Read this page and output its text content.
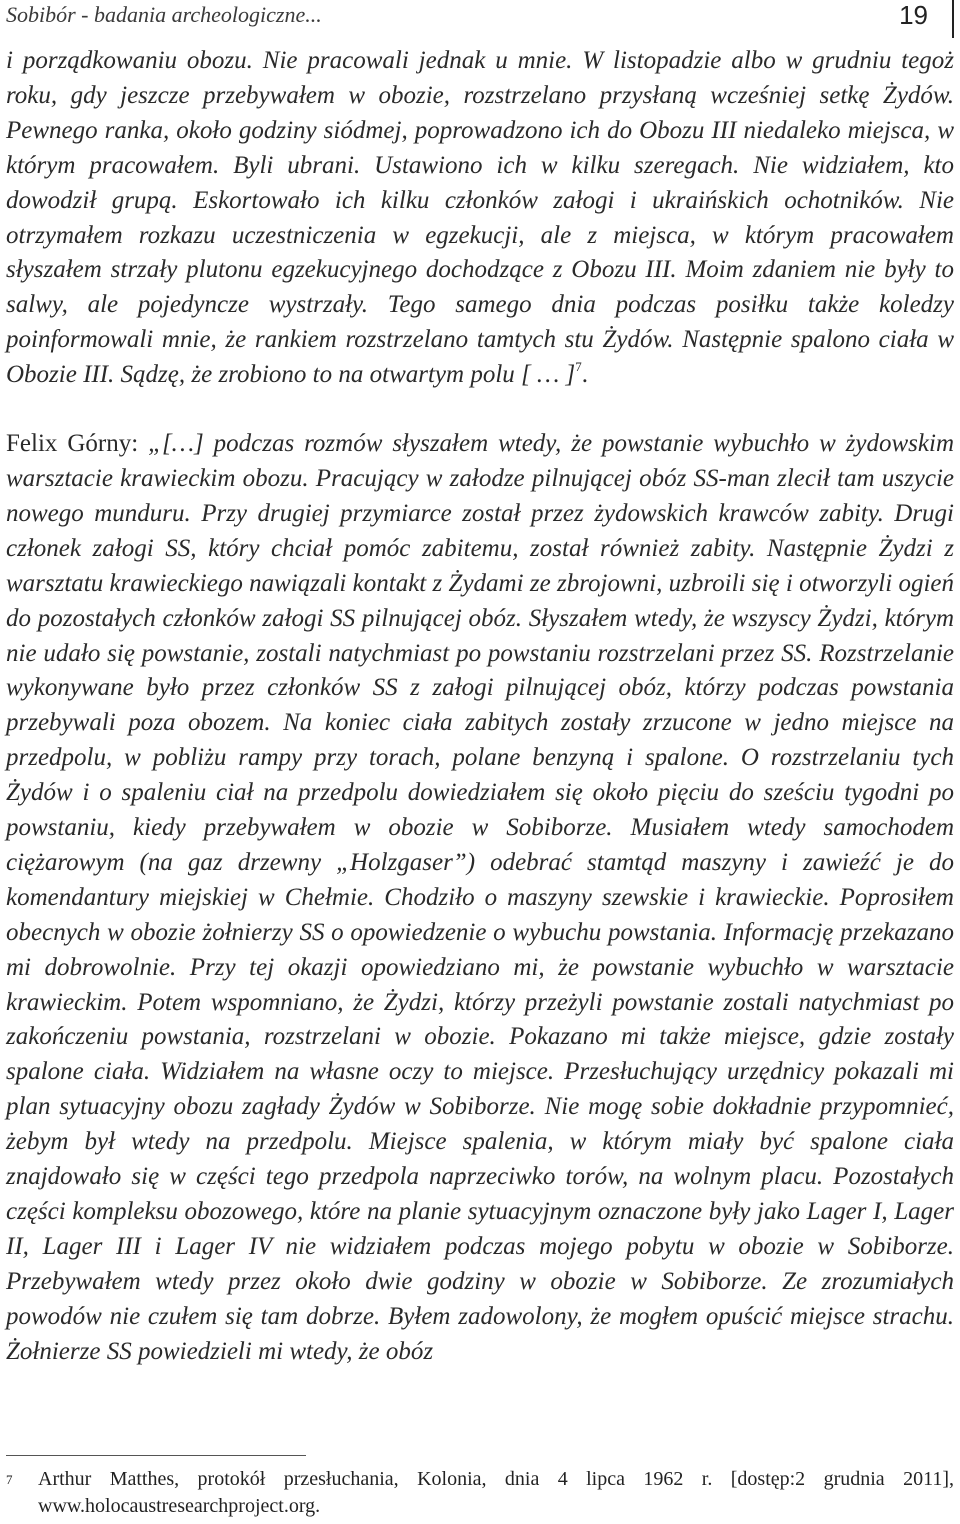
Sobibór - badania archeologiczne...	19

i porządkowaniu obozu. Nie pracowali jednak u mnie. W listopadzie albo w grudniu tegoż roku, gdy jeszcze przebywałem w obozie, rozstrzelano przysłaną wcześniej setkę Żydów. Pewnego ranka, około godziny siódmej, poprowadzono ich do Obozu III niedaleko miejsca, w którym pracowałem. Byli ubrani. Ustawiono ich w kilku szeregach. Nie widziałem, kto dowodził grupą. Eskortowało ich kilku członków załogi i ukraińskich ochotników. Nie otrzymałem rozkazu uczestniczenia w egzekucji, ale z miejsca, w którym pracowałem słyszałem strzały plutonu egzekucyjnego dochodzące z Obozu III. Moim zdaniem nie były to salwy, ale pojedyncze wystrzały. Tego samego dnia podczas posiłku także koledzy poinformowali mnie, że rankiem rozstrzelano tamtych stu Żydów. Następnie spalono ciała w Obozie III. Sądzę, że zrobiono to na otwartym polu [ … ]$^7$.

Felix Górny: „[…] podczas rozmów słyszałem wtedy, że powstanie wybuchło w żydowskim warsztacie krawieckim obozu. Pracujący w załodze pilnującej obóz SS-man zlecił tam uszycie nowego munduru. Przy drugiej przymiarce został przez żydowskich krawców zabity. Drugi członek załogi SS, który chciał pomóc zabitemu, został również zabity. Następnie Żydzi z warsztatu krawieckiego nawiązali kontakt z Żydami ze zbrojowni, uzbroili się i otworzyli ogień do pozostałych członków załogi SS pilnującej obóz. Słyszałem wtedy, że wszyscy Żydzi, którym nie udało się powstanie, zostali natychmiast po powstaniu rozstrzelani przez SS. Rozstrzelanie wykonywane było przez członków SS z załogi pilnującej obóz, którzy podczas powstania przebywali poza obozem. Na koniec ciała zabitych zostały zrzucone w jedno miejsce na przedpolu, w pobliżu rampy przy torach, polane benzyną i spalone. O rozstrzelaniu tych Żydów i o spaleniu ciał na przedpolu dowiedziałem się około pięciu do sześciu tygodni po powstaniu, kiedy przebywałem w obozie w Sobiborze. Musiałem wtedy samochodem ciężarowym (na gaz drzewny „Holzgaser”) odebrać stamtąd maszyny i zawieźć je do komendantury miejskiej w Chełmie. Chodziło o maszyny szewskie i krawieckie. Poprosiłem obecnych w obozie żołnierzy SS o opowiedzenie o wybuchu powstania. Informację przekazano mi dobrowolnie. Przy tej okazji opowiedziano mi, że powstanie wybuchło w warsztacie krawieckim. Potem wspomniano, że Żydzi, którzy przeżyli powstanie zostali natychmiast po zakończeniu powstania, rozstrzelani w obozie. Pokazano mi także miejsce, gdzie zostały spalone ciała. Widziałem na własne oczy to miejsce. Przesłuchujący urzędnicy pokazali mi plan sytuacyjny obozu zagłady Żydów w Sobiborze. Nie mogę sobie dokładnie przypomnieć, żebym był wtedy na przedpolu. Miejsce spalenia, w którym miały być spalone ciała znajdowało się w części tego przedpola naprzeciwko torów, na wolnym placu. Pozostałych części kompleksu obozowego, które na planie sytuacyjnym oznaczone były jako Lager I, Lager II, Lager III i Lager IV nie widziałem podczas mojego pobytu w obozie w Sobiborze. Przebywałem wtedy przez około dwie godziny w obozie w Sobiborze. Ze zrozumiałych powodów nie czułem się tam dobrze. Byłem zadowolony, że mogłem opuścić miejsce strachu. Żołnierze SS powiedzieli mi wtedy, że obóz

7 Arthur Matthes, protokół przesłuchania, Kolonia, dnia 4 lipca 1962 r. [dostęp:2 grudnia 2011], www.holocaustresearchproject.org.
